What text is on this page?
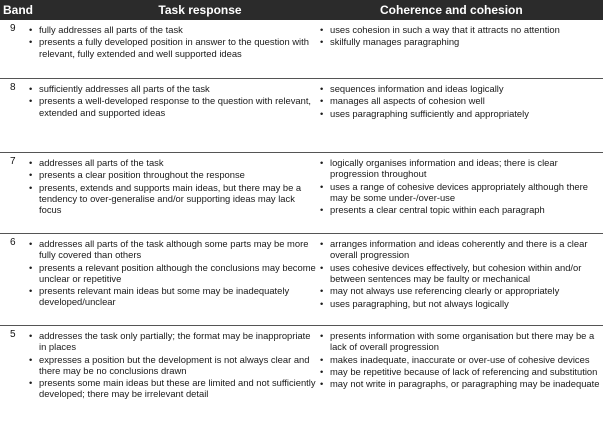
Band	Task response	Coherence and cohesion
9 • fully addresses all parts of the task
• presents a fully developed position in answer to the question with relevant, fully extended and well supported ideas
• uses cohesion in such a way that it attracts no attention
• skilfully manages paragraphing
8 • sufficiently addresses all parts of the task
• presents a well-developed response to the question with relevant, extended and supported ideas
• sequences information and ideas logically
• manages all aspects of cohesion well
• uses paragraphing sufficiently and appropriately
7 • addresses all parts of the task
• presents a clear position throughout the response
• presents, extends and supports main ideas, but there may be a tendency to over-generalise and/or supporting ideas may lack focus
• logically organises information and ideas; there is clear progression throughout
• uses a range of cohesive devices appropriately although there may be some under-/over-use
• presents a clear central topic within each paragraph
6 • addresses all parts of the task although some parts may be more fully covered than others
• presents a relevant position although the conclusions may become unclear or repetitive
• presents relevant main ideas but some may be inadequately developed/unclear
• arranges information and ideas coherently and there is a clear overall progression
• uses cohesive devices effectively, but cohesion within and/or between sentences may be faulty or mechanical
• may not always use referencing clearly or appropriately
• uses paragraphing, but not always logically
5 • addresses the task only partially; the format may be inappropriate in places
• expresses a position but the development is not always clear and there may be no conclusions drawn
• presents some main ideas but these are limited and not sufficiently developed; there may be irrelevant detail
• presents information with some organisation but there may be a lack of overall progression
• makes inadequate, inaccurate or over-use of cohesive devices
• may be repetitive because of lack of referencing and substitution
• may not write in paragraphs, or paragraphing may be inadequate
